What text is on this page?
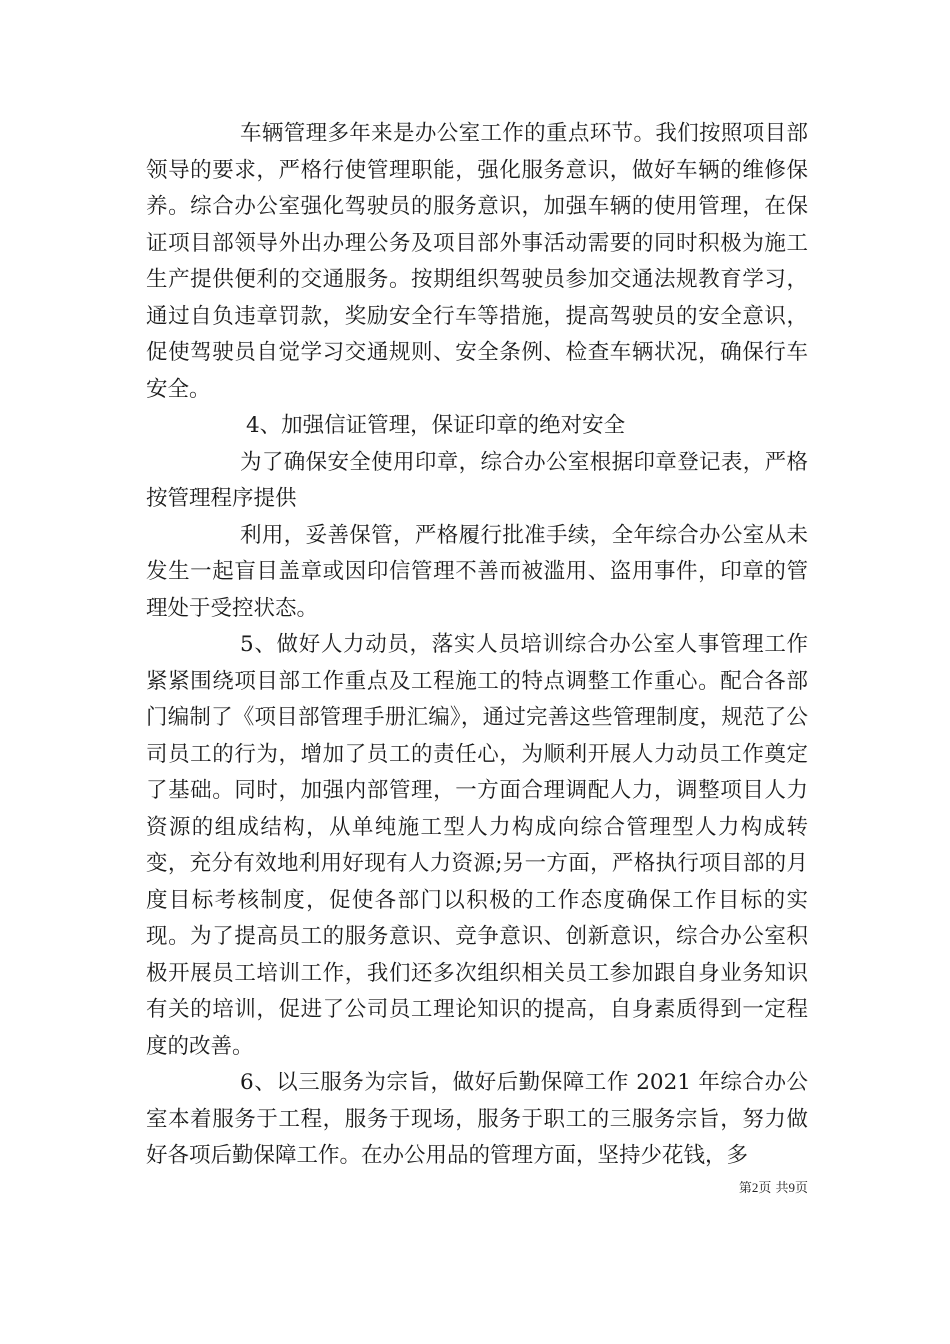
车辆管理多年来是办公室工作的重点环节。我们按照项目部领导的要求，严格行使管理职能，强化服务意识，做好车辆的维修保养。综合办公室强化驾驶员的服务意识，加强车辆的使用管理，在保证项目部领导外出办理公务及项目部外事活动需要的同时积极为施工生产提供便利的交通服务。按期组织驾驶员参加交通法规教育学习，通过自负违章罚款，奖励安全行车等措施，提高驾驶员的安全意识，促使驾驶员自觉学习交通规则、安全条例、检查车辆状况，确保行车安全。

4、加强信证管理，保证印章的绝对安全

为了确保安全使用印章，综合办公室根据印章登记表，严格按管理程序提供

利用，妥善保管，严格履行批准手续，全年综合办公室从未发生一起盲目盖章或因印信管理不善而被滥用、盗用事件，印章的管理处于受控状态。

5、做好人力动员，落实人员培训综合办公室人事管理工作紧紧围绕项目部工作重点及工程施工的特点调整工作重心。配合各部门编制了《项目部管理手册汇编》，通过完善这些管理制度，规范了公司员工的行为，增加了员工的责任心，为顺利开展人力动员工作奠定了基础。同时，加强内部管理，一方面合理调配人力，调整项目人力资源的组成结构，从单纯施工型人力构成向综合管理型人力构成转变，充分有效地利用好现有人力资源;另一方面，严格执行项目部的月度目标考核制度，促使各部门以积极的工作态度确保工作目标的实现。为了提高员工的服务意识、竞争意识、创新意识，综合办公室积极开展员工培训工作，我们还多次组织相关员工参加跟自身业务知识有关的培训，促进了公司员工理论知识的提高，自身素质得到一定程度的改善。

6、以三服务为宗旨，做好后勤保障工作 2021 年综合办公室本着服务于工程，服务于现场，服务于职工的三服务宗旨，努力做好各项后勤保障工作。在办公用品的管理方面，坚持少花钱，多

第2页 共9页
